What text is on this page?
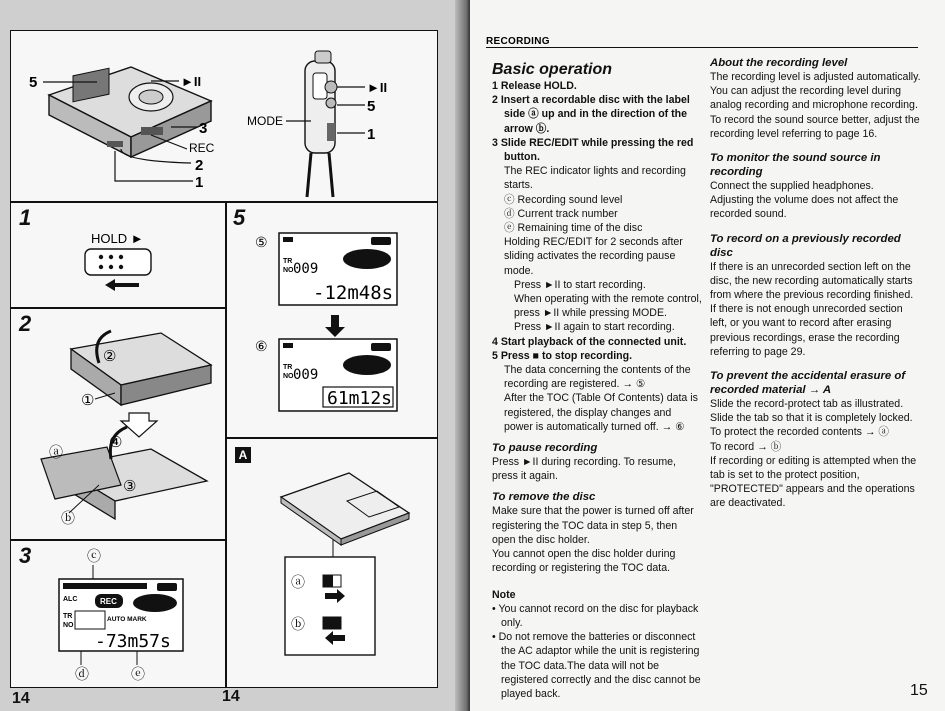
5	►II
3
REC
2
1
MODE
►II
5
1
1
HOLD ►
2
②
①
④
③
ⓐ
ⓑ
3	ⓒ
ALC	REC
TR
NO
AUTO MARK
-73m57s
ⓓ	ⓔ
5
⑤
TR
NO 009
-12m48s
⑥
TR
NO 009
61m12s
A
ⓐ
ⓑ
14	14
RECORDING
Basic operation

1 Release HOLD.

2 Insert a recordable disc with the label side ⓐ up and in the direction of the arrow ⓑ.

3 Slide REC/EDIT while pressing the red button.

The REC indicator lights and recording starts.

ⓒ Recording sound level

ⓓ Current track number

ⓔ Remaining time of the disc

Holding REC/EDIT for 2 seconds after sliding activates the recording pause mode.

Press ►II to start recording.

When operating with the remote control, press ►II while pressing MODE.

Press ►II again to start recording.

4 Start playback of the connected unit.

5 Press ■ to stop recording.

The data concerning the contents of the recording are registered. → ⑤

After the TOC (Table Of Contents) data is registered, the display changes and power is automatically turned off. → ⑥

To pause recording

Press ►II during recording. To resume, press it again.

To remove the disc

Make sure that the power is turned off after registering the TOC data in step 5, then open the disc holder.

You cannot open the disc holder during recording or registering the TOC data.

Note

• You cannot record on the disc for playback only.
• Do not remove the batteries or disconnect the AC adaptor while the unit is registering the TOC data.The data will not be registered correctly and the disc cannot be played back.
About the recording level

The recording level is adjusted automatically.

You can adjust the recording level during analog recording and microphone recording.

To record the sound source better, adjust the recording level referring to page 16.

To monitor the sound source in recording

Connect the supplied headphones.

Adjusting the volume does not affect the recorded sound.

To record on a previously recorded disc

If there is an unrecorded section left on the disc, the new recording automatically starts from where the previous recording finished.

If there is not enough unrecorded section left, or you want to record after erasing previous recordings, erase the recording referring to page 29.

To prevent the accidental erasure of recorded material → A

Slide the record-protect tab as illustrated.

Slide the tab so that it is completely locked.

To protect the recorded contents → ⓐ

To record → ⓑ

If recording or editing is attempted when the tab is set to the protect position, "PROTECTED" appears and the operations are deactivated.

15
